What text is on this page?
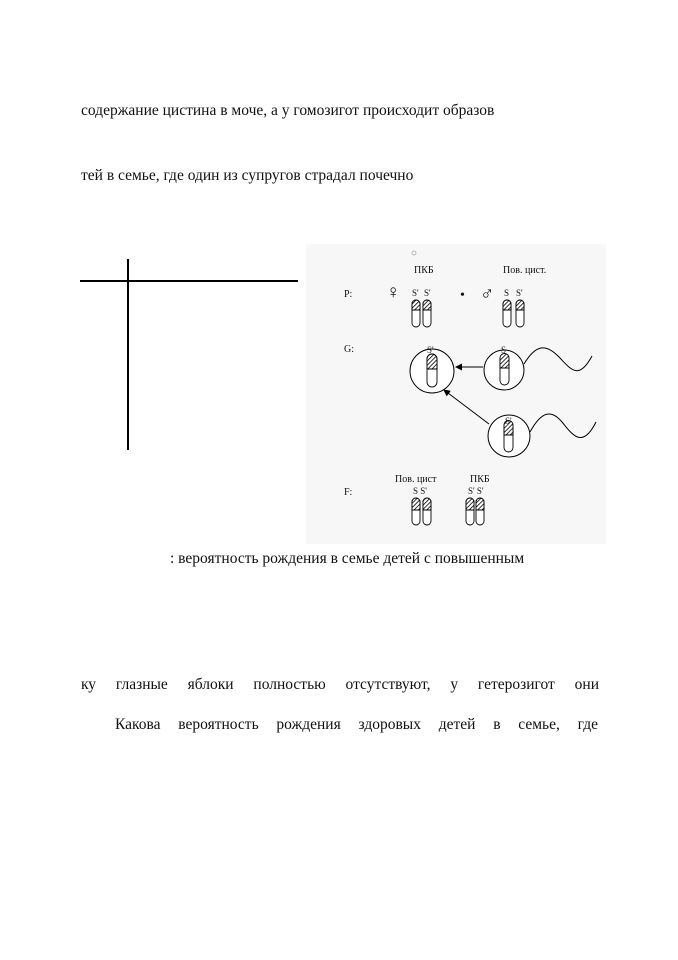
содержание цистина в моче, а у гомозигот происходит образов
тей в семье, где один из супругов страдал почечно
P:
ПКБ	Пов. цист.
♀	• ♂
S' S'	S S'
G:	S'	S
S'
F:
Пов. цист	ПКБ
S S'	S' S'
: вероятность рождения в семье детей с повышенным
ку глазные яблоки полностью отсутствуют, у гетерозигот они
Какова вероятность рождения здоровых детей в семье, где
